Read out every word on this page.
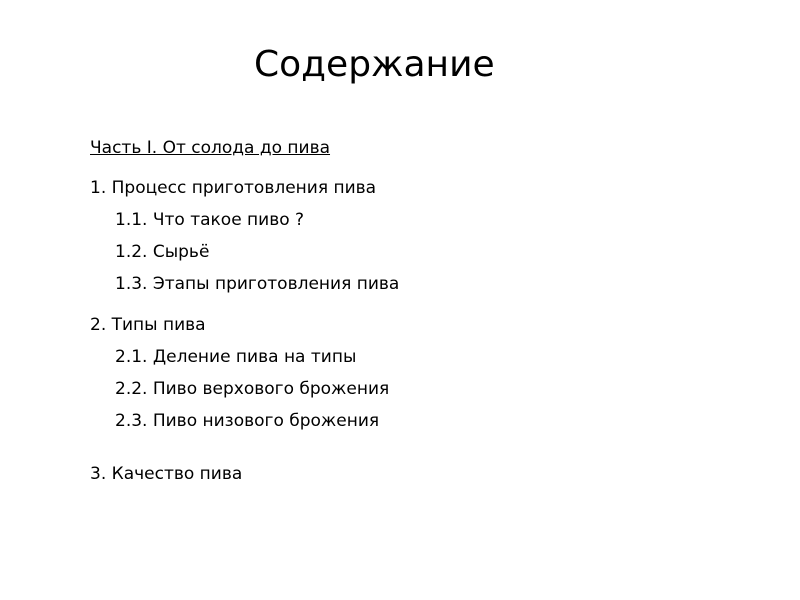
Содержание
Часть I. От солода до пива
1. Процесс приготовления пива
1.1. Что такое пиво ?
1.2. Сырьё
1.3. Этапы приготовления пива
2. Типы пива
2.1. Деление пива на типы
2.2. Пиво верхового брожения
2.3. Пиво низового брожения
3. Качество пива
